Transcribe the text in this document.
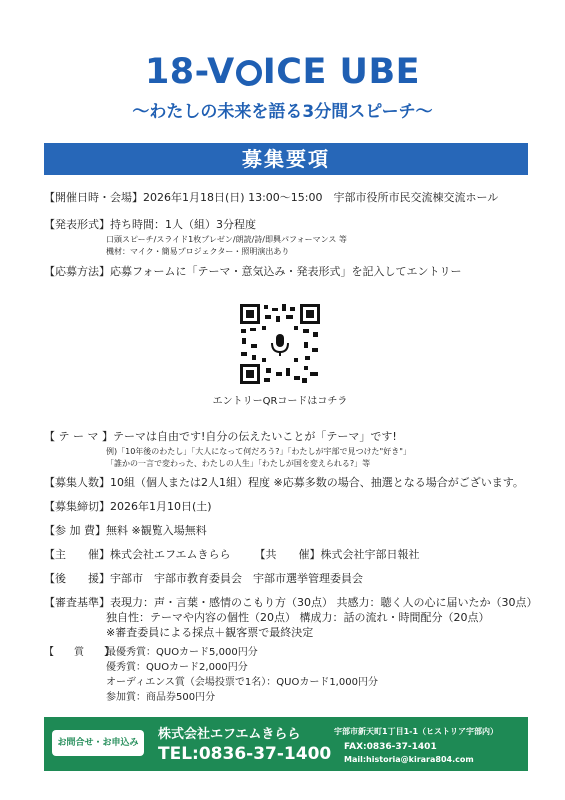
18-V ICE UBE
〜わたしの未来を語る3分間スピーチ〜
募集要項
【開催日時・会場】2026年1月18日(日) 13:00〜15:00　宇部市役所市民交流棟交流ホール
【発表形式】持ち時間：1人（組）3分程度
口頭スピーチ/スライド1枚プレゼン/朗読/詩/即興パフォーマンス 等
機材：マイク・簡易プロジェクター・照明演出あり
【応募方法】応募フォームに「テーマ・意気込み・発表形式」を記入してエントリー
エントリーQRコードはコチラ
【 テ ー マ 】テーマは自由です!自分の伝えたいことが「テーマ」です!
例)「10年後のわたし」「大人になって何だろう?」「わたしが宇部で見つけた"好き"」
「誰かの一言で変わった、わたしの人生」「わたしが国を変えられる?」等
【募集人数】10組（個人または2人1組）程度 ※応募多数の場合、抽選となる場合がございます。
【募集締切】2026年1月10日(土)
【参 加 費】無料 ※観覧入場無料
【主　　催】株式会社エフエムきらら 【共　　催】株式会社宇部日報社
【後　　援】宇部市　宇部市教育委員会　宇部市選挙管理委員会
【審査基準】表現力：声・言葉・感情のこもり方（30点） 共感力：聴く人の心に届いたか（30点）
独自性：テーマや内容の個性（20点） 構成力：話の流れ・時間配分（20点）
※審査委員による採点＋観客票で最終決定
【　　賞　　】
最優秀賞：QUOカード5,000円分
優秀賞：QUOカード2,000円分
オーディエンス賞（会場投票で1名）：QUOカード1,000円分
参加賞：商品券500円分
お問合せ・お申込み
株式会社エフエムきらら
TEL:0836-37-1400
宇部市新天町1丁目1-1（ヒストリア宇部内）
FAX:0836-37-1401
Mail:historia@kirara804.com
